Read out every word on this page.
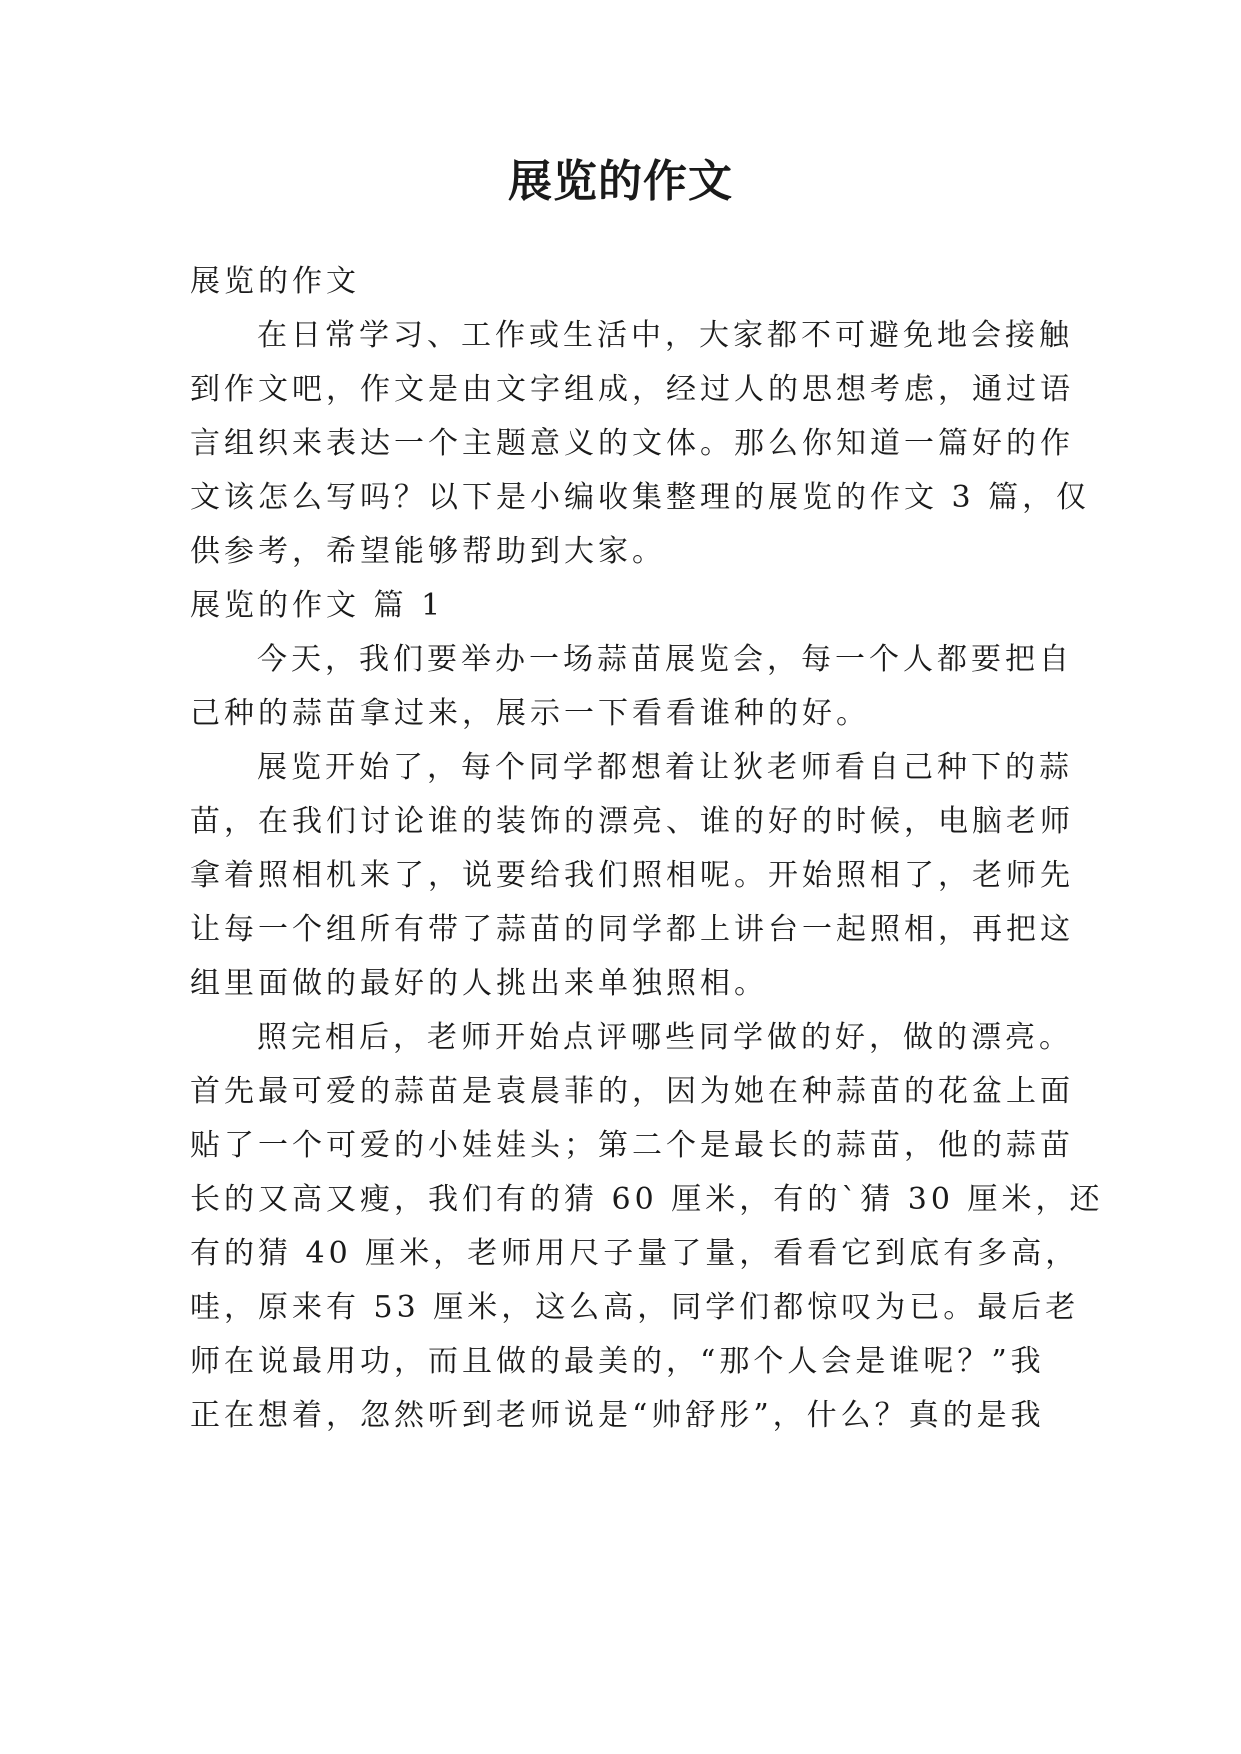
展览的作文
展览的作文
在日常学习、工作或生活中，大家都不可避免地会接触
到作文吧，作文是由文字组成，经过人的思想考虑，通过语
言组织来表达一个主题意义的文体。那么你知道一篇好的作
文该怎么写吗？以下是小编收集整理的展览的作文 3 篇，仅
供参考，希望能够帮助到大家。
展览的作文 篇 1
今天，我们要举办一场蒜苗展览会，每一个人都要把自
己种的蒜苗拿过来，展示一下看看谁种的好。
展览开始了，每个同学都想着让狄老师看自己种下的蒜
苗，在我们讨论谁的装饰的漂亮、谁的好的时候，电脑老师
拿着照相机来了，说要给我们照相呢。开始照相了，老师先
让每一个组所有带了蒜苗的同学都上讲台一起照相，再把这
组里面做的最好的人挑出来单独照相。
照完相后，老师开始点评哪些同学做的好，做的漂亮。
首先最可爱的蒜苗是袁晨菲的，因为她在种蒜苗的花盆上面
贴了一个可爱的小娃娃头；第二个是最长的蒜苗，他的蒜苗
长的又高又瘦，我们有的猜 60 厘米，有的`猜 30 厘米，还
有的猜 40 厘米，老师用尺子量了量，看看它到底有多高，
哇，原来有 53 厘米，这么高，同学们都惊叹为已。最后老
师在说最用功，而且做的最美的，“那个人会是谁呢？”我
正在想着，忽然听到老师说是“帅舒彤”，什么？真的是我
